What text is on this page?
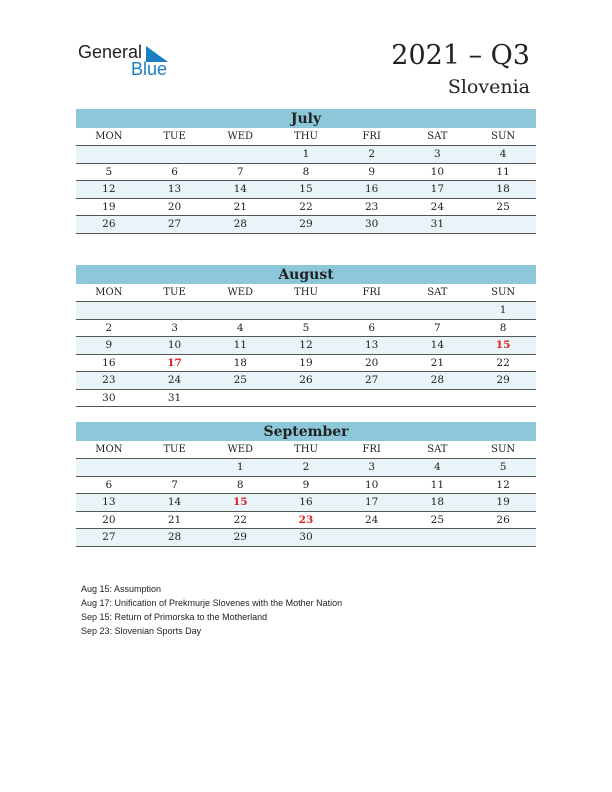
General
Blue	2021 – Q3
Slovenia
July
MON	TUE	WED	THU	FRI	SAT	SUN
			1	2	3	4
5	6	7	8	9	10	11
12	13	14	15	16	17	18
19	20	21	22	23	24	25
26	27	28	29	30	31	
August
MON	TUE	WED	THU	FRI	SAT	SUN
						1
2	3	4	5	6	7	8
9	10	11	12	13	14	15
16	17	18	19	20	21	22
23	24	25	26	27	28	29
30	31					
September
MON	TUE	WED	THU	FRI	SAT	SUN
		1	2	3	4	5
6	7	8	9	10	11	12
13	14	15	16	17	18	19
20	21	22	23	24	25	26
27	28	29	30			
Aug 15: Assumption
Aug 17: Unification of Prekmurje Slovenes with the Mother Nation
Sep 15: Return of Primorska to the Motherland
Sep 23: Slovenian Sports Day
